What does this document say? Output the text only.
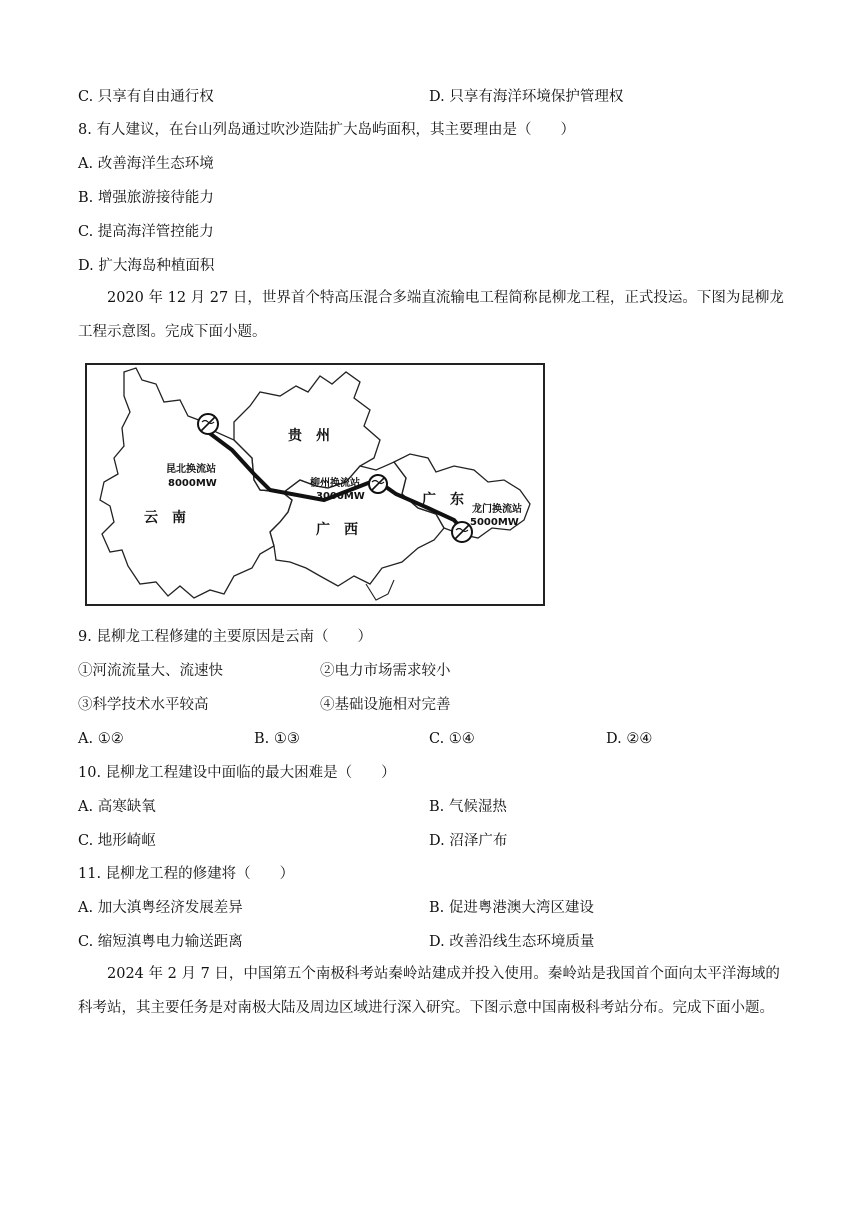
C. 只享有自由通行权	D. 只享有海洋环境保护管理权
8. 有人建议，在台山列岛通过吹沙造陆扩大岛屿面积，其主要理由是（　　）
A. 改善海洋生态环境
B. 增强旅游接待能力
C. 提高海洋管控能力
D. 扩大海岛种植面积
2020 年 12 月 27 日，世界首个特高压混合多端直流输电工程简称昆柳龙工程，正式投运。下图为昆柳龙工程示意图。完成下面小题。
贵　州
云　南
广　西
广　东
昆北换流站
8000MW	柳州换流站
3000MW
龙门换流站
5000MW
9. 昆柳龙工程修建的主要原因是云南（　　）
①河流流量大、流速快	②电力市场需求较小
③科学技术水平较高	④基础设施相对完善
A. ①②	B. ①③	C. ①④	D. ②④
10. 昆柳龙工程建设中面临的最大困难是（　　）
A. 高寒缺氧	B. 气候湿热
C. 地形崎岖	D. 沼泽广布
11. 昆柳龙工程的修建将（　　）
A. 加大滇粤经济发展差异	B. 促进粤港澳大湾区建设
C. 缩短滇粤电力输送距离	D. 改善沿线生态环境质量
2024 年 2 月 7 日，中国第五个南极科考站秦岭站建成并投入使用。秦岭站是我国首个面向太平洋海域的科考站，其主要任务是对南极大陆及周边区域进行深入研究。下图示意中国南极科考站分布。完成下面小题。
